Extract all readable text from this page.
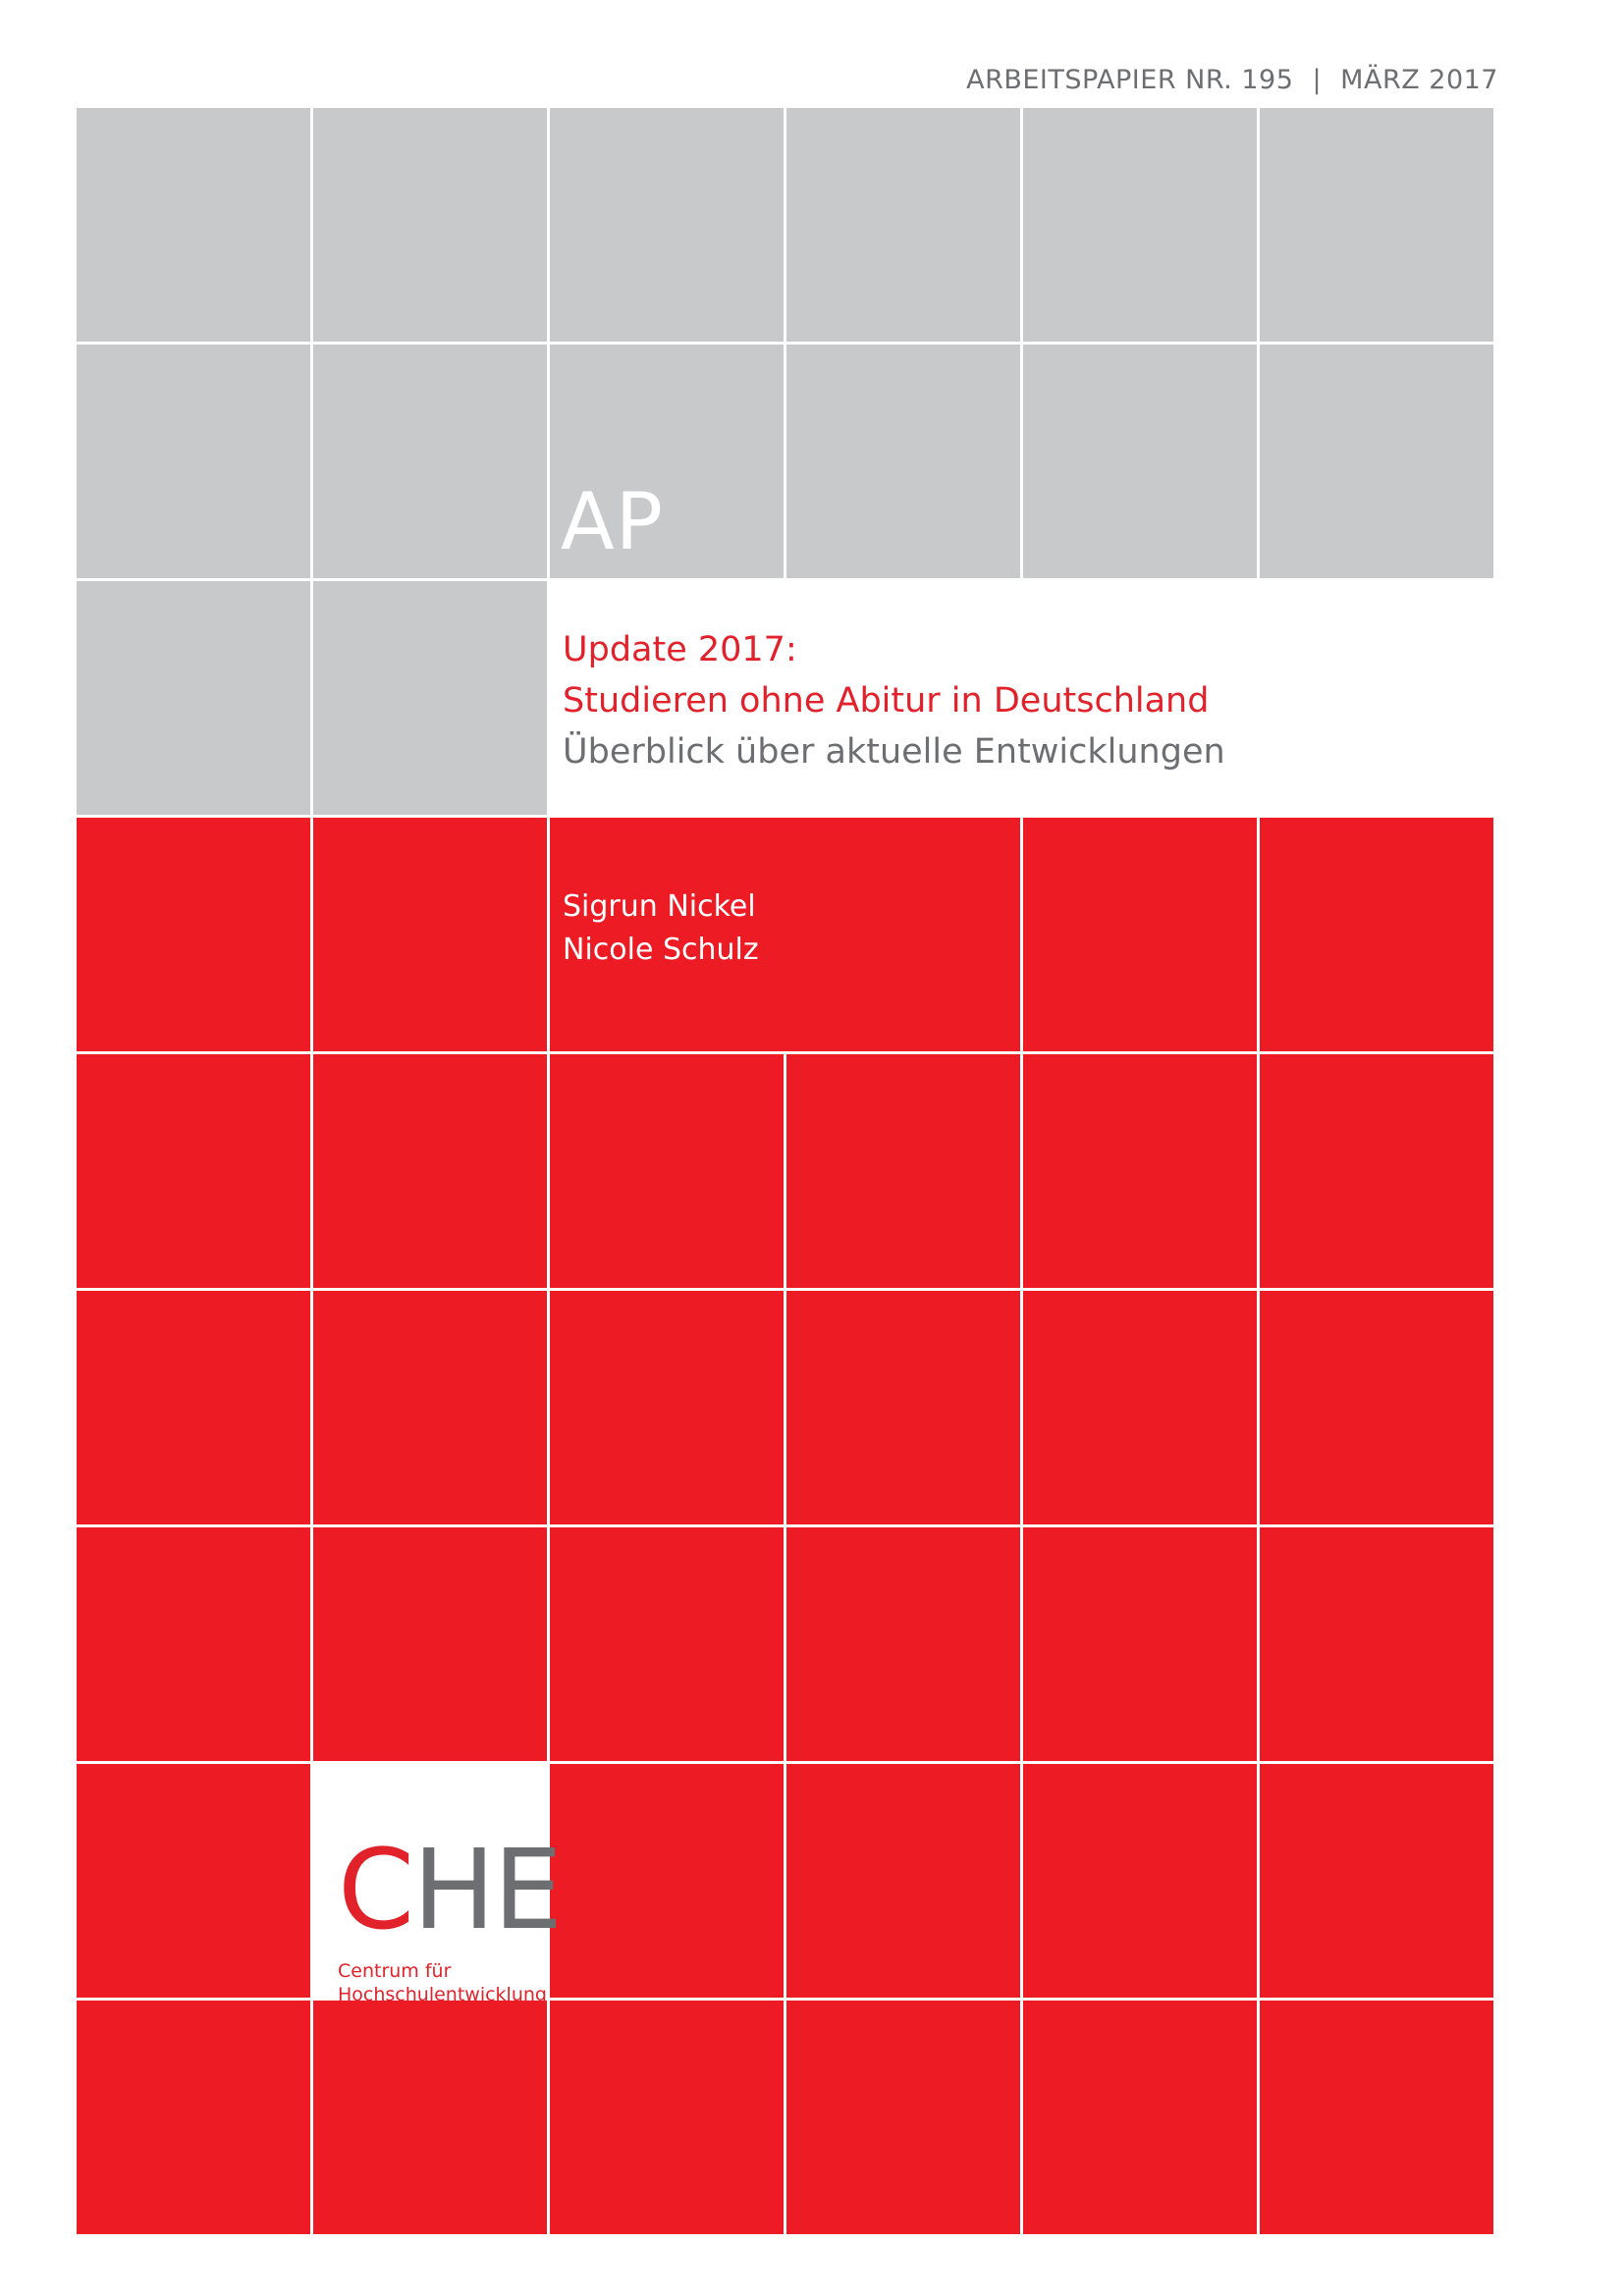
ARBEITSPAPIER NR. 195 | MÄRZ 2017
AP
Update 2017:
Studieren ohne Abitur in Deutschland
Überblick über aktuelle Entwicklungen
Sigrun Nickel
Nicole Schulz
CHE
Centrum für
Hochschulentwicklung
